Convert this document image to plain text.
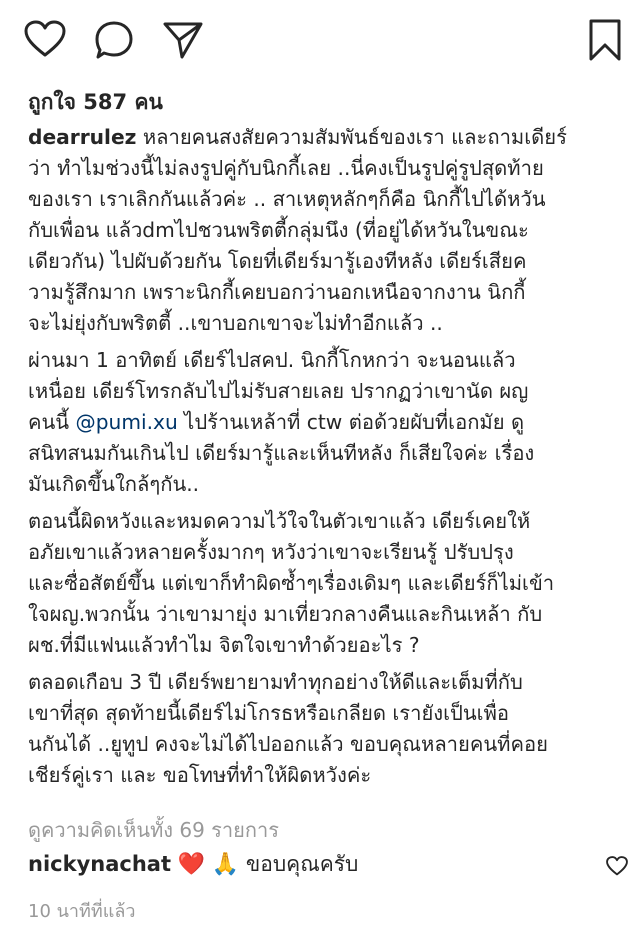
ถูกใจ 587 คน

dearrulez หลายคนสงสัยความสัมพันธ์ของเรา และถามเดียร์
ว่า ทำไมช่วงนี้ไม่ลงรูปคู่กับนิกกี้เลย ..นี่คงเป็นรูปคู่รูปสุดท้าย
ของเรา เราเลิกกันแล้วค่ะ .. สาเหตุหลักๆก็คือ นิกกี้ไปได้หวัน
กับเพื่อน แล้วdmไปชวนพริตตี้กลุ่มนึง (ที่อยู่ได้หวันในขณะ
เดียวกัน) ไปผับด้วยกัน โดยที่เดียร์มารู้เองทีหลัง เดียร์เสียค
วามรู้สึกมาก เพราะนิกกี้เคยบอกว่านอกเหนือจากงาน นิกกี้
จะไม่ยุ่งกับพริตตี้ ..เขาบอกเขาจะไม่ทำอีกแล้ว ..

ผ่านมา 1 อาทิตย์ เดียร์ไปสคป. นิกกี้โกหกว่า จะนอนแล้ว
เหนื่อย เดียร์โทรกลับไปไม่รับสายเลย ปรากฏว่าเขานัด ผญ
คนนี้ @pumi.xu ไปร้านเหล้าที่ ctw ต่อด้วยผับที่เอกมัย ดู
สนิทสนมกันเกินไป เดียร์มารู้และเห็นทีหลัง ก็เสียใจค่ะ เรื่อง
มันเกิดขึ้นใกล้ๆกัน..

ตอนนี้ผิดหวังและหมดความไว้ใจในตัวเขาแล้ว เดียร์เคยให้
อภัยเขาแล้วหลายครั้งมากๆ หวังว่าเขาจะเรียนรู้ ปรับปรุง
และซื่อสัตย์ขึ้น แต่เขาก็ทำผิดซ้ำๆเรื่องเดิมๆ และเดียร์ก็ไม่เข้า
ใจผญ.พวกนั้น ว่าเขามายุ่ง มาเที่ยวกลางคืนและกินเหล้า กับ
ผช.ที่มีแฟนแล้วทำไม จิตใจเขาทำด้วยอะไร ?

ตลอดเกือบ 3 ปี เดียร์พยายามทำทุกอย่างให้ดีและเต็มที่กับ
เขาที่สุด สุดท้ายนี้เดียร์ไม่โกรธหรือเกลียด เรายังเป็นเพื่อ
นกันได้ ..ยูทูป คงจะไม่ได้ไปออกแล้ว ขอบคุณหลายคนที่คอย
เชียร์คู่เรา และ ขอโทษที่ทำให้ผิดหวังค่ะ

ดูความคิดเห็นทั้ง 69 รายการ
nickynachat ❤️ 🙏 ขอบคุณครับ
10 นาทีที่แล้ว
